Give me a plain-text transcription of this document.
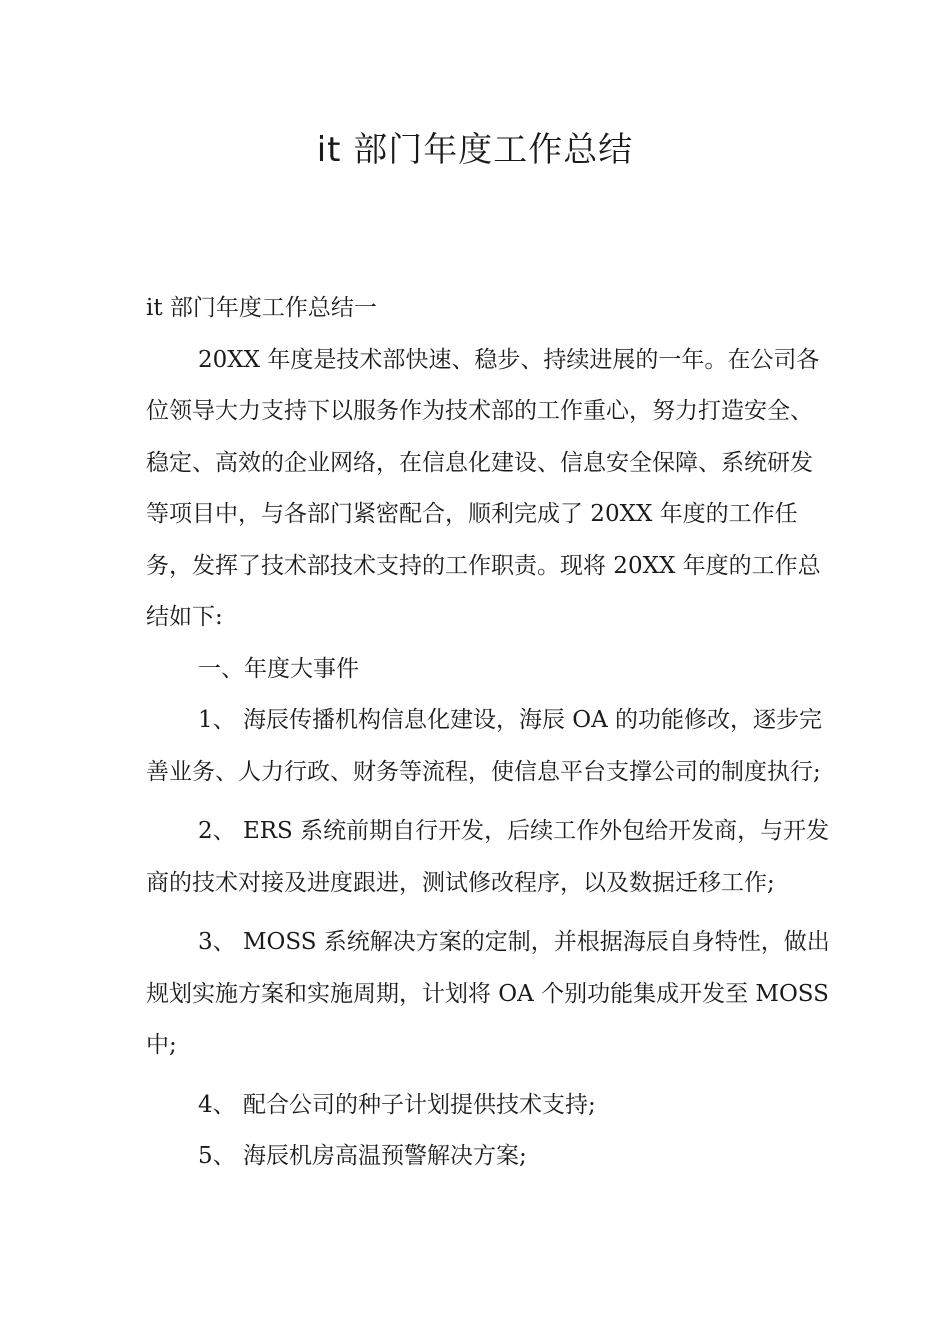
it 部门年度工作总结

it 部门年度工作总结一

20XX 年度是技术部快速、稳步、持续进展的一年。在公司各位领导大力支持下以服务作为技术部的工作重心，努力打造安全、稳定、高效的企业网络，在信息化建设、信息安全保障、系统研发等项目中，与各部门紧密配合，顺利完成了 20XX 年度的工作任务，发挥了技术部技术支持的工作职责。现将 20XX 年度的工作总结如下:

一、年度大事件

1、 海辰传播机构信息化建设，海辰 OA 的功能修改，逐步完善业务、人力行政、财务等流程，使信息平台支撑公司的制度执行;

2、 ERS 系统前期自行开发，后续工作外包给开发商，与开发商的技术对接及进度跟进，测试修改程序，以及数据迁移工作;

3、 MOSS 系统解决方案的定制，并根据海辰自身特性，做出规划实施方案和实施周期，计划将 OA 个别功能集成开发至 MOSS 中;

4、 配合公司的种子计划提供技术支持;

5、 海辰机房高温预警解决方案;
